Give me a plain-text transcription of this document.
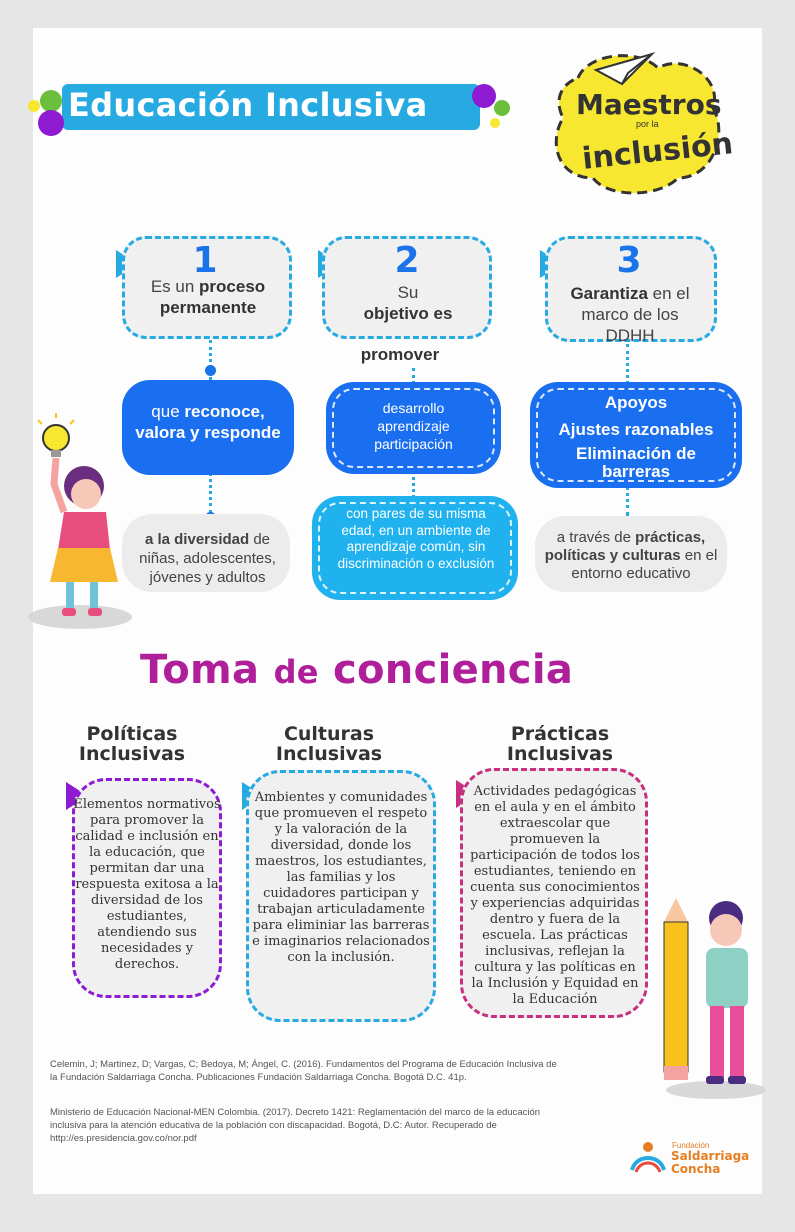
Educación Inclusiva	Maestros
por la
inclusión
1
Es un proceso permanente
2
Su
objetivo es
promover
3
Garantiza en el marco de los DDHH
que reconoce, valora y responde
a la diversidad de niñas, adolescentes, jóvenes y adultos
desarrollo
aprendizaje
participación
con pares de su misma edad, en un ambiente de aprendizaje común, sin discriminación o exclusión
Apoyos
Ajustes razonables
Eliminación de barreras
a través de prácticas, políticas y culturas en el entorno educativo
Toma de conciencia
Políticas Inclusivas
Culturas Inclusivas
Prácticas Inclusivas
Elementos normativos para promover la calidad e inclusión en la educación, que permitan dar una respuesta exitosa a la diversidad de los estudiantes, atendiendo sus necesidades y derechos.
Ambientes y comunidades que promueven el respeto y la valoración de la diversidad, donde los maestros, los estudiantes, las familias y los cuidadores participan y trabajan articuladamente para eliminiar las barreras e imaginarios relacionados con la inclusión.
Actividades pedagógicas en el aula y en el ámbito extraescolar que promueven la participación de todos los estudiantes, teniendo en cuenta sus conocimientos y experiencias adquiridas dentro y fuera de la escuela. Las prácticas inclusivas, reflejan la cultura y las políticas en la Inclusión y Equidad en la Educación

Celemin, J; Martinez, D; Vargas, C; Bedoya, M; Ángel, C. (2016). Fundamentos del Programa de Educación Inclusiva de la Fundación Saldarriaga Concha. Publicaciones Fundación Saldarriaga Concha. Bogotá D.C. 41p.

Ministerio de Educación Nacional-MEN Colombia. (2017). Decreto 1421: Reglamentación del marco de la educación inclusiva para la atención educativa de la población con discapacidad. Bogotá, D.C: Autor. Recuperado de http://es.presidencia.gov.co/nor.pdf

Fundación
Saldarriaga
Concha
